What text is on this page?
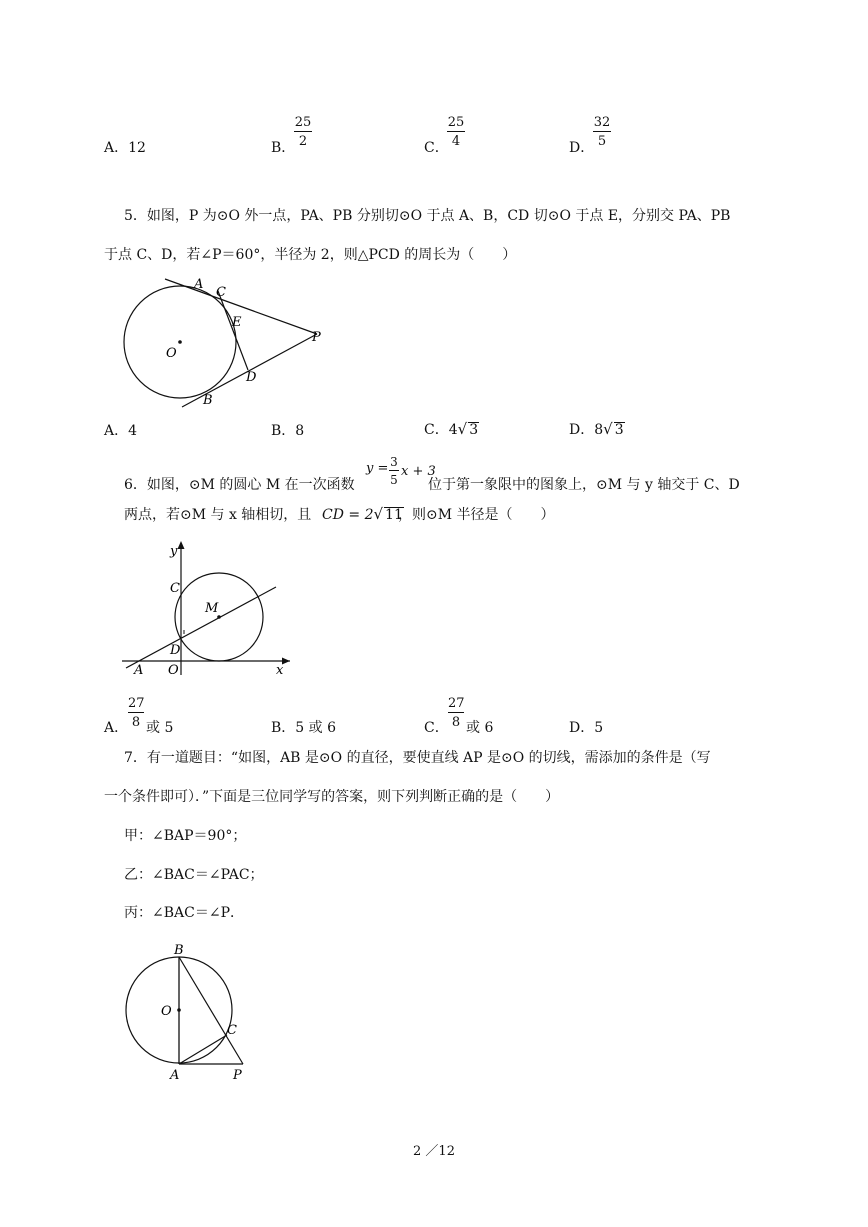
A．12	B．
25
2	C．
25
4	D．
32
5
5．如图，P 为⊙O 外一点，PA、PB 分别切⊙O 于点 A、B，CD 切⊙O 于点 E，分别交 PA、PB
于点 C、D，若∠P＝60°，半径为 2，则△PCD 的周长为（　　）
A
C
E
P
O
D
B
A．4	B．8	C．4√ 3	D．8√ 3
6．如图，⊙M 的圆心 M 在一次函数
y = 3
5
x + 3
位于第一象限中的图象上，⊙M 与 y 轴交于 C、D
两点，若⊙M 与 x 轴相切，且 CD = 2√ 11
，则⊙M 半径是（　　）
y
C
M
D
A O	x
A．
27
8 或 5	B．5 或 6	C．
27
8 或 6	D．5
7．有一道题目：“如图，AB 是⊙O 的直径，要使直线 AP 是⊙O 的切线，需添加的条件是（写
一个条件即可）．”下面是三位同学写的答案，则下列判断正确的是（　　）
甲：∠BAP＝90°；
乙：∠BAC＝∠PAC；
丙：∠BAC＝∠P．
B
O
C
A	P
2 ／12
